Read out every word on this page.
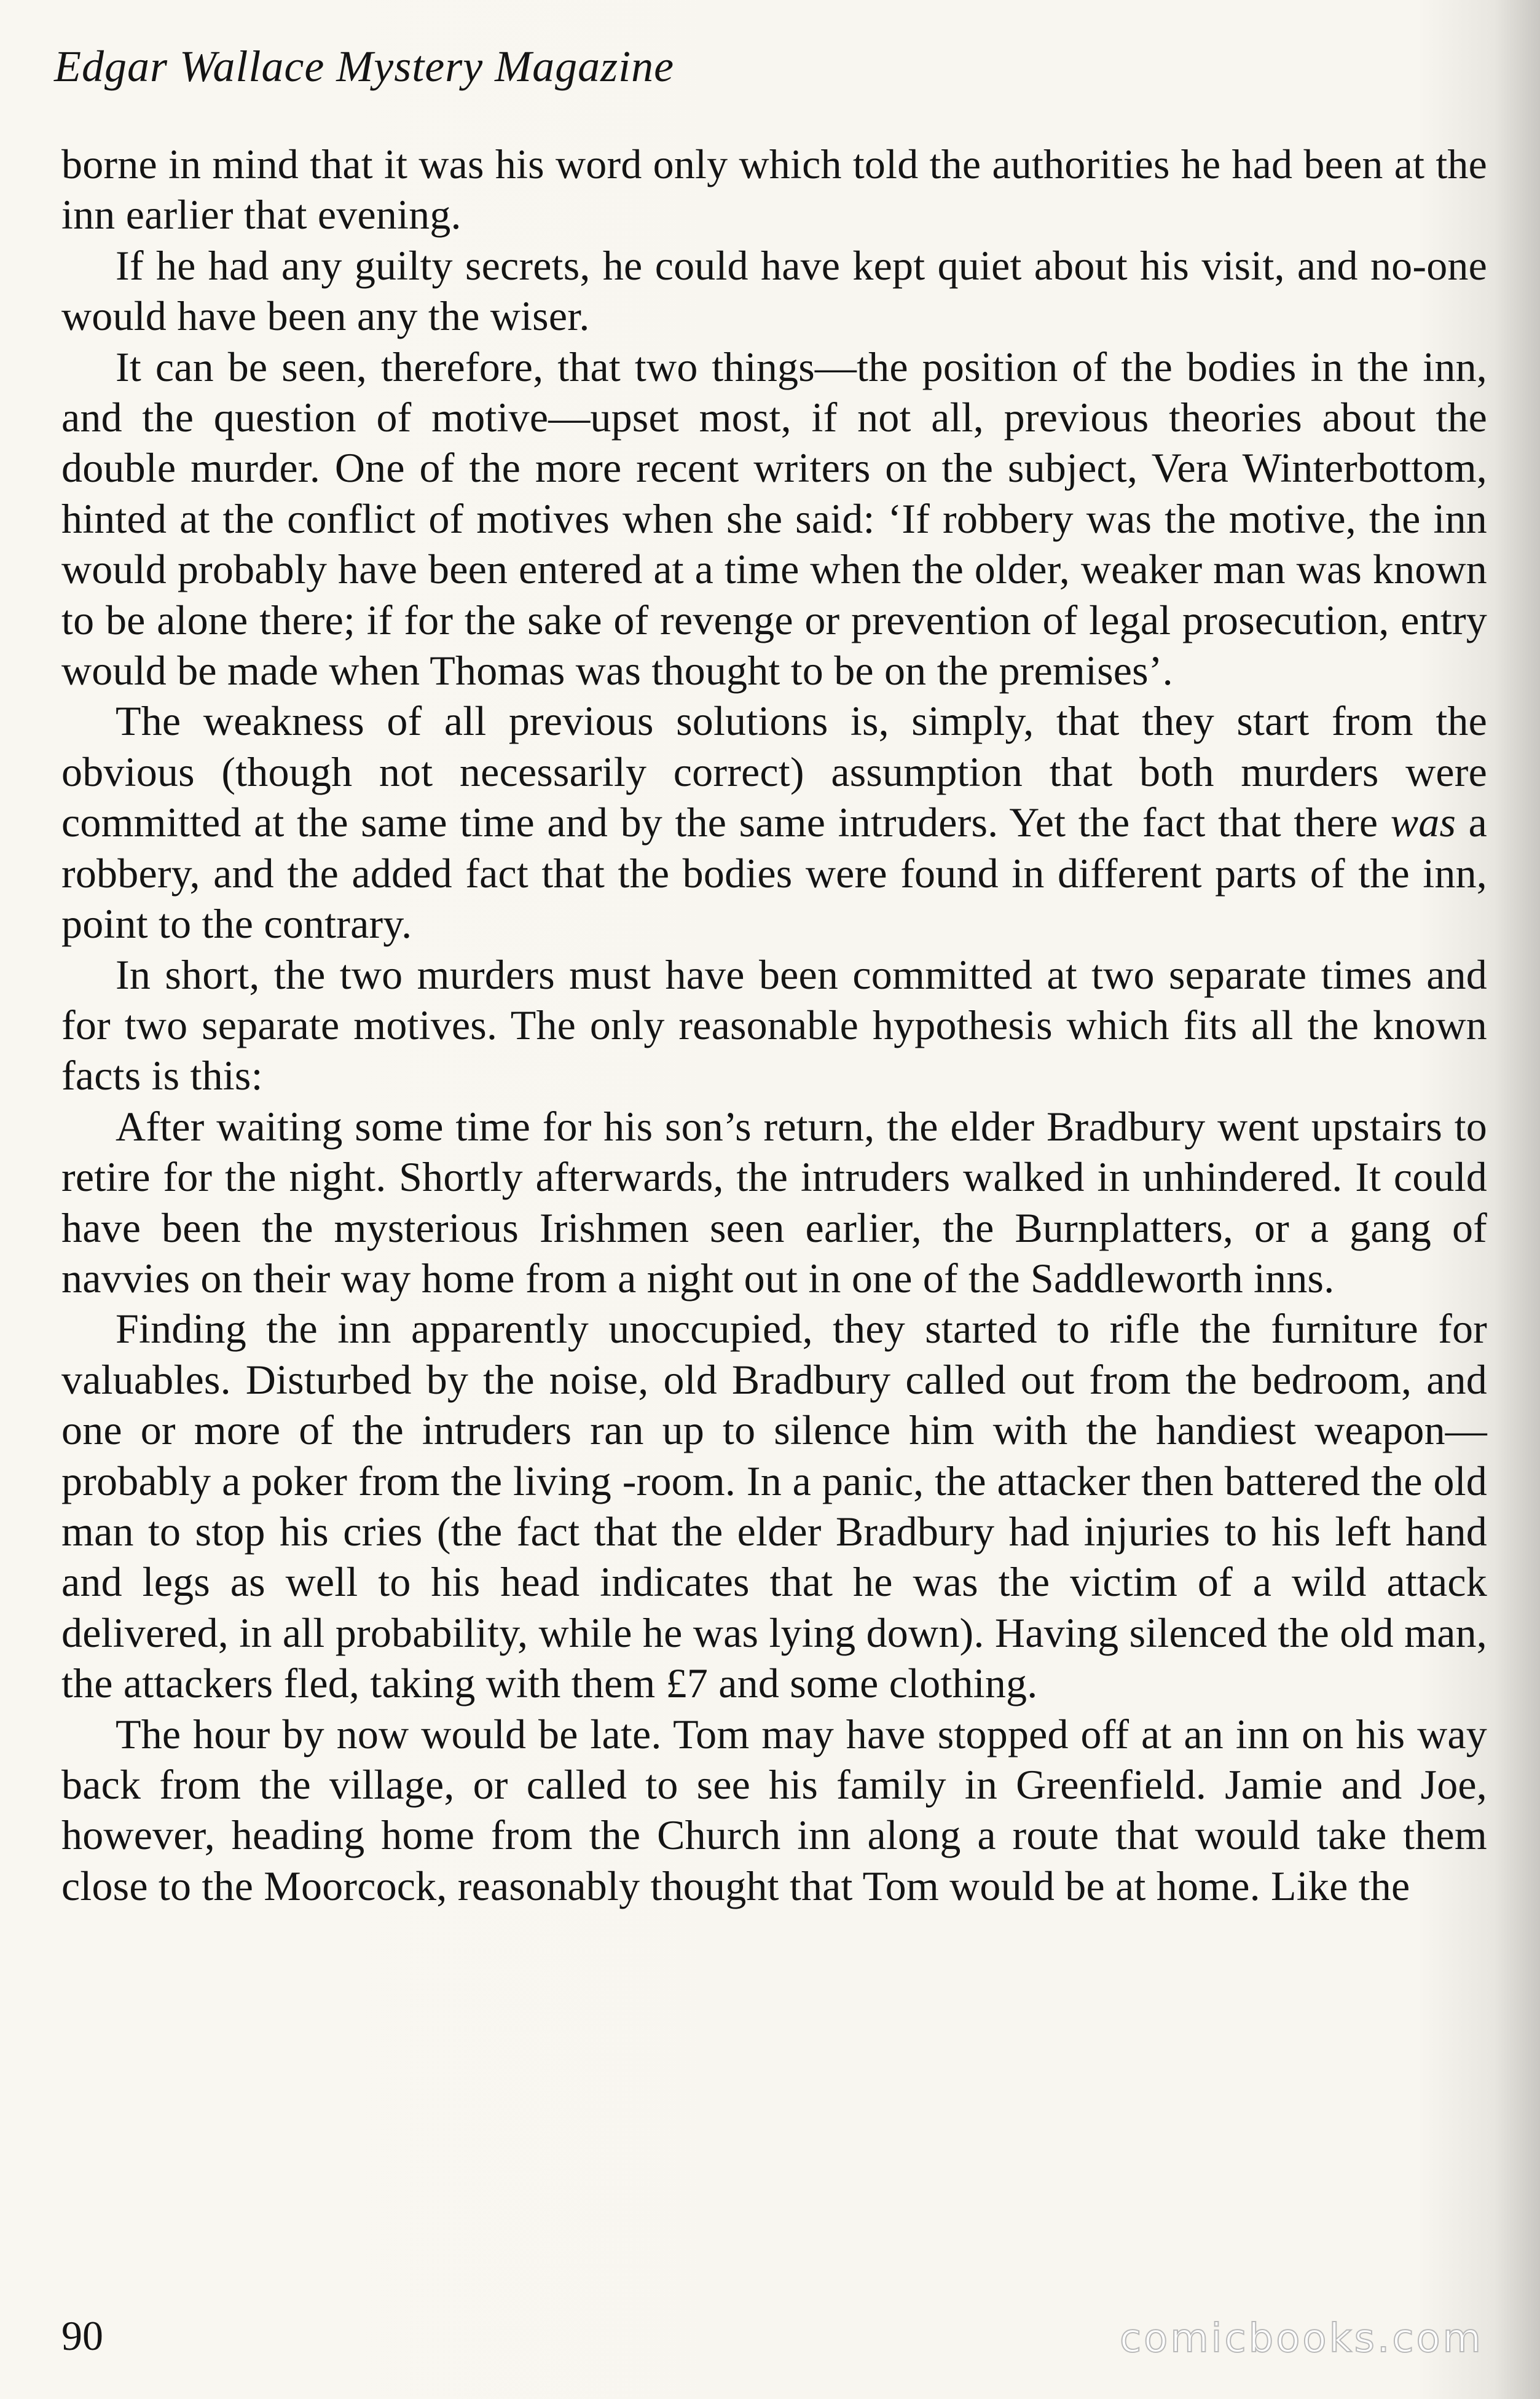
Edgar Wallace Mystery Magazine

borne in mind that it was his word only which told the authorities he had been at the inn earlier that evening.

If he had any guilty secrets, he could have kept quiet about his visit, and no-one would have been any the wiser.

It can be seen, therefore, that two things—the position of the bodies in the inn, and the question of motive—upset most, if not all, previous theories about the double murder. One of the more recent writers on the subject, Vera Winterbottom, hinted at the conflict of motives when she said: ‘If robbery was the motive, the inn would probably have been entered at a time when the older, weaker man was known to be alone there; if for the sake of revenge or prevention of legal prosecution, entry would be made when Thomas was thought to be on the premises’.

The weakness of all previous solutions is, simply, that they start from the obvious (though not necessarily correct) assumption that both murders were committed at the same time and by the same intruders. Yet the fact that there was a robbery, and the added fact that the bodies were found in different parts of the inn, point to the contrary.

In short, the two murders must have been committed at two separate times and for two separate motives. The only reasonable hypothesis which fits all the known facts is this:

After waiting some time for his son’s return, the elder Bradbury went upstairs to retire for the night. Shortly afterwards, the intruders walked in unhindered. It could have been the mysterious Irishmen seen earlier, the Burnplatters, or a gang of navvies on their way home from a night out in one of the Saddleworth inns.

Finding the inn apparently unoccupied, they started to rifle the furniture for valuables. Disturbed by the noise, old Bradbury called out from the bedroom, and one or more of the intruders ran up to silence him with the handiest weapon—probably a poker from the living -room. In a panic, the attacker then battered the old man to stop his cries (the fact that the elder Bradbury had injuries to his left hand and legs as well to his head indicates that he was the victim of a wild attack delivered, in all probability, while he was lying down). Having silenced the old man, the attackers fled, taking with them £7 and some clothing.

The hour by now would be late. Tom may have stopped off at an inn on his way back from the village, or called to see his family in Greenfield. Jamie and Joe, however, heading home from the Church inn along a route that would take them close to the Moorcock, reasonably thought that Tom would be at home. Like the

90	comicbooks.com
